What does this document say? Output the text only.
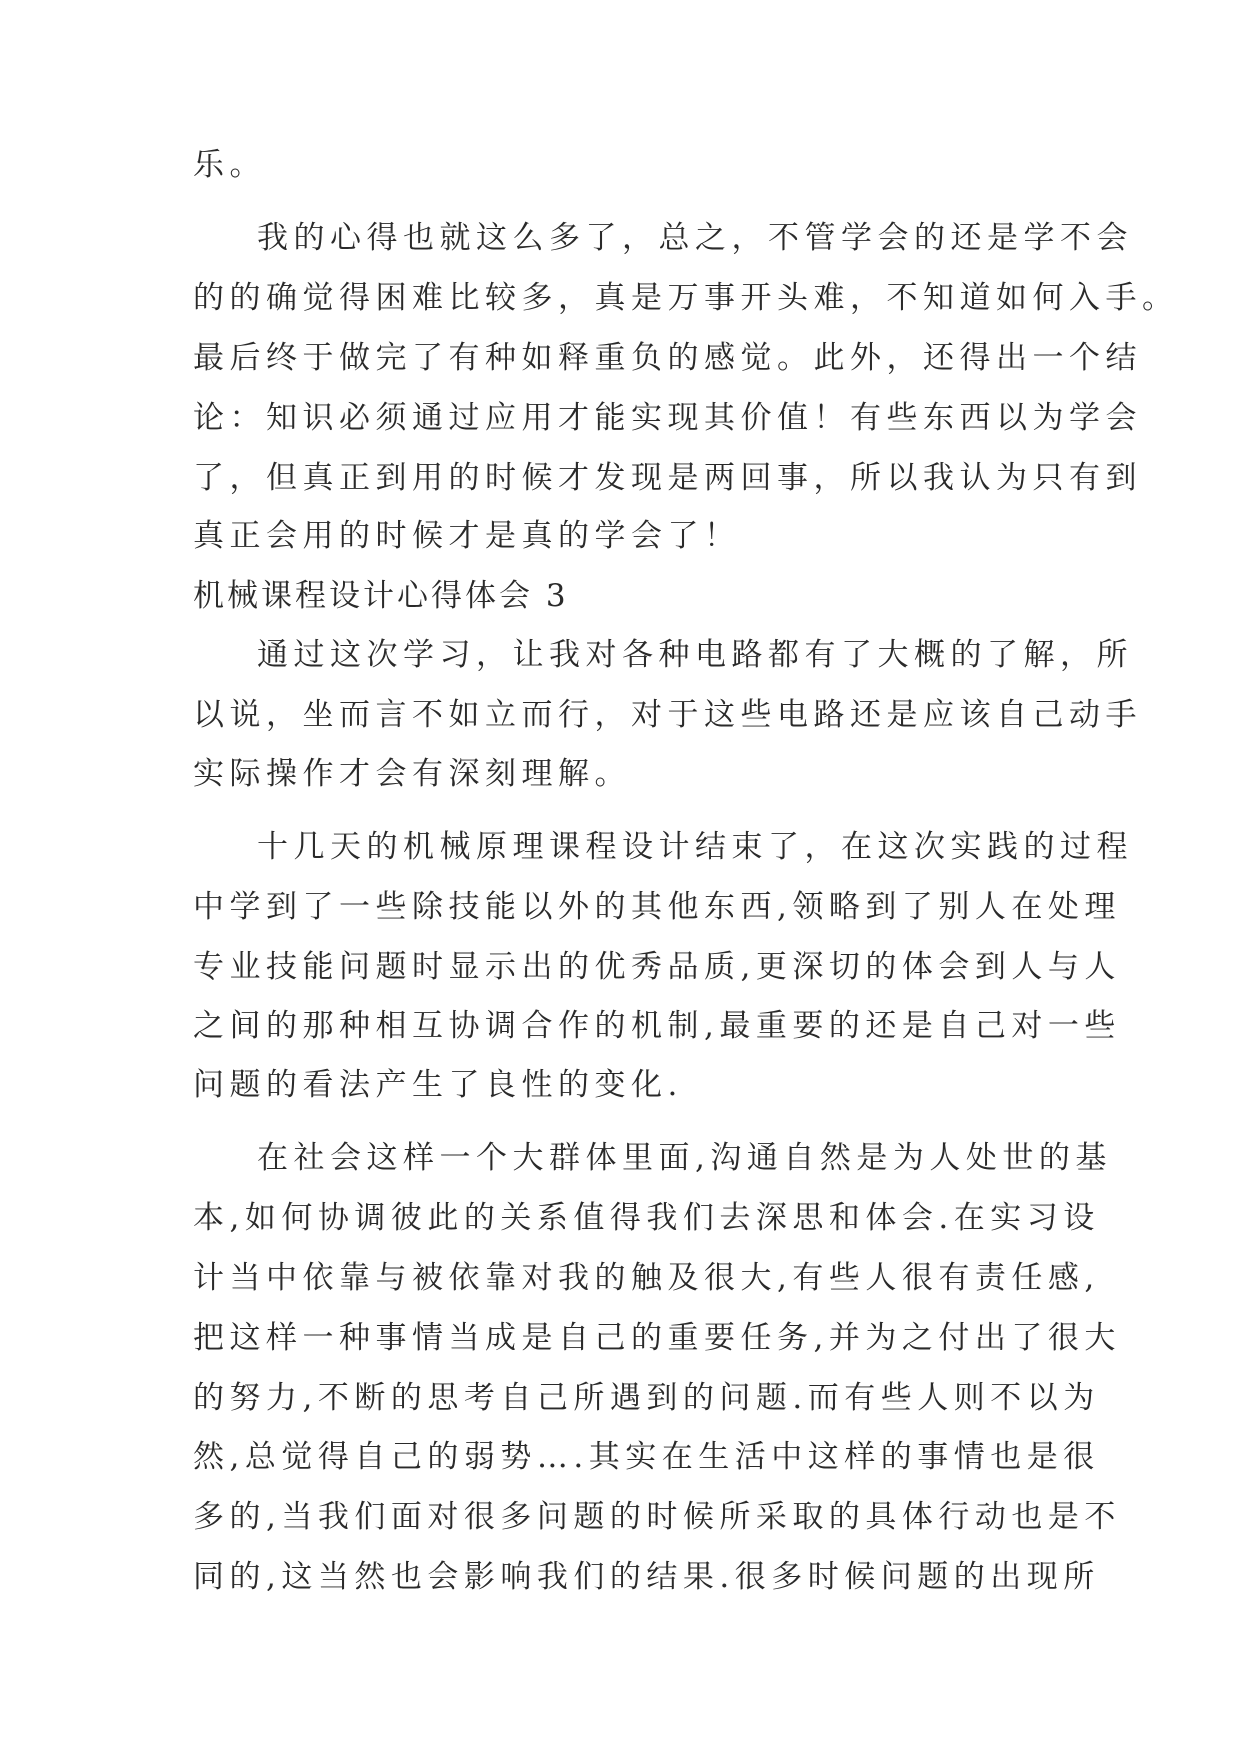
乐。
我的心得也就这么多了，总之，不管学会的还是学不会
的的确觉得困难比较多，真是万事开头难，不知道如何入手。
最后终于做完了有种如释重负的感觉。此外，还得出一个结
论：知识必须通过应用才能实现其价值！有些东西以为学会
了，但真正到用的时候才发现是两回事，所以我认为只有到
真正会用的时候才是真的学会了！
机械课程设计心得体会 3
通过这次学习，让我对各种电路都有了大概的了解，所
以说，坐而言不如立而行，对于这些电路还是应该自己动手
实际操作才会有深刻理解。
十几天的机械原理课程设计结束了，在这次实践的过程
中学到了一些除技能以外的其他东西,领略到了别人在处理
专业技能问题时显示出的优秀品质,更深切的体会到人与人
之间的那种相互协调合作的机制,最重要的还是自己对一些
问题的看法产生了良性的变化.
在社会这样一个大群体里面,沟通自然是为人处世的基
本,如何协调彼此的关系值得我们去深思和体会.在实习设
计当中依靠与被依靠对我的触及很大,有些人很有责任感,
把这样一种事情当成是自己的重要任务,并为之付出了很大
的努力,不断的思考自己所遇到的问题.而有些人则不以为
然,总觉得自己的弱势….其实在生活中这样的事情也是很
多的,当我们面对很多问题的时候所采取的具体行动也是不
同的,这当然也会影响我们的结果.很多时候问题的出现所
